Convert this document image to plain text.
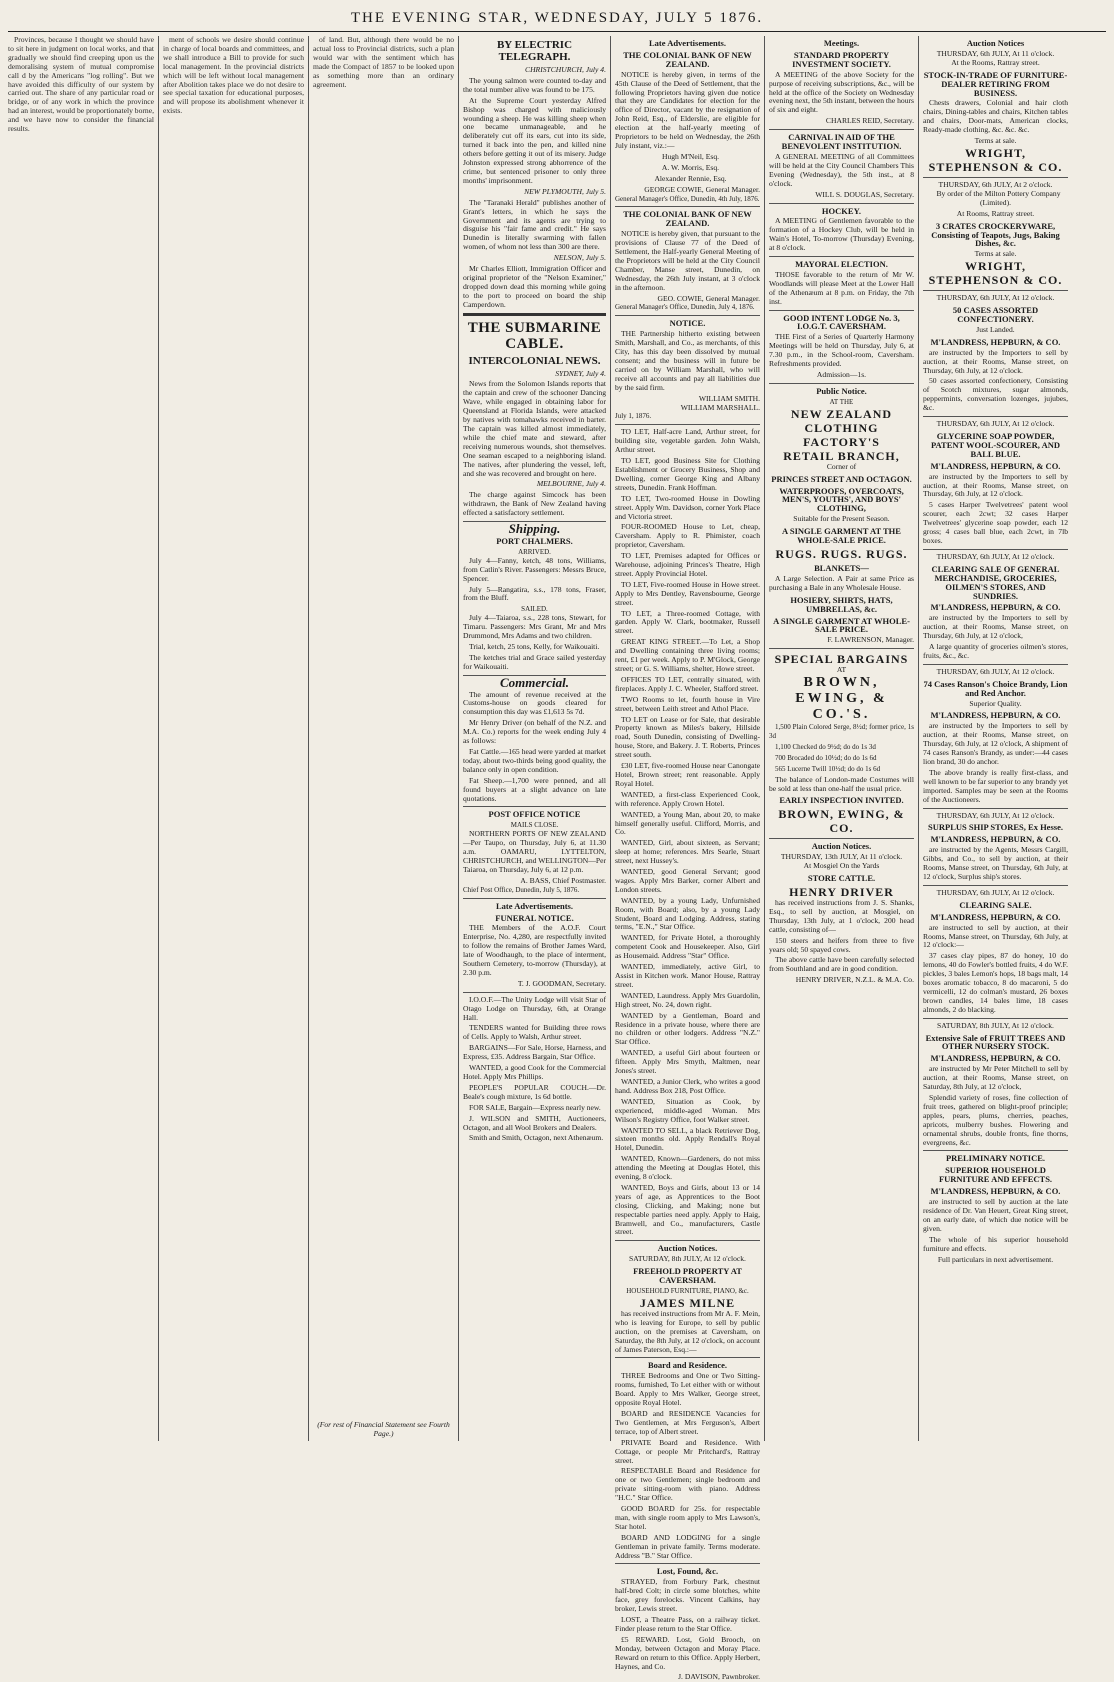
THE EVENING STAR, WEDNESDAY, JULY 5 1876.

Provinces, because I thought we should have to sit here in judgment on local works, and that gradually we should find creeping upon us the demoralising system of mutual compromise call d by the Americans "log rolling". But we have avoided this difficulty of our system by carried out. The share of any particular road or bridge, or of any work in which the province had an interest, would be proportionately borne, and we have now to consider the financial results.

ment of schools we desire should continue in charge of local boards and committees, and we shall introduce a Bill to provide for such local management. In the provincial districts which will be left without local management after Abolition takes place we do not desire to see special taxation for educational purposes, and will propose its abolishment whenever it exists.

of land. But, although there would be no actual loss to Provincial districts, such a plan would war with the sentiment which has made the Compact of 1857 to be looked upon as something more than an ordinary agreement.

(For rest of Financial Statement see Fourth Page.)
BY ELECTRIC TELEGRAPH.
CHRISTCHURCH, July 4.

The young salmon were counted to-day and the total number alive was found to be 175.

At the Supreme Court yesterday Alfred Bishop was charged with maliciously wounding a sheep. He was killing sheep when one became unmanageable, and he deliberately cut off its ears, cut into its side, turned it back into the pen, and killed nine others before getting it out of its misery. Judge Johnston expressed strong abhorrence of the crime, but sentenced prisoner to only three months' imprisonment.

NEW PLYMOUTH, July 5.

The "Taranaki Herald" publishes another of Grant's letters, in which he says the Government and its agents are trying to disguise his "fair fame and credit." He says Dunedin is literally swarming with fallen women, of whom not less than 300 are there.

NELSON, July 5.

Mr Charles Elliott, Immigration Officer and original proprietor of the "Nelson Examiner," dropped down dead this morning while going to the port to proceed on board the ship Camperdown.

THE SUBMARINE CABLE.
INTERCOLONIAL NEWS.
SYDNEY, July 4.

News from the Solomon Islands reports that the captain and crew of the schooner Dancing Wave, while engaged in obtaining labor for Queensland at Florida Islands, were attacked by natives with tomahawks received in barter. The captain was killed almost immediately, while the chief mate and steward, after receiving numerous wounds, shot themselves. One seaman escaped to a neighboring island. The natives, after plundering the vessel, left, and she was recovered and brought on here.

MELBOURNE, July 4.

The charge against Simcock has been withdrawn, the Bank of New Zealand having effected a satisfactory settlement.

Shipping.
PORT CHALMERS.
ARRIVED.

July 4—Fanny, ketch, 48 tons, Williams, from Catlin's River. Passengers: Messrs Bruce, Spencer.

July 5—Rangatira, s.s., 178 tons, Fraser, from the Bluff.

SAILED.

July 4—Taiaroa, s.s., 228 tons, Stewart, for Timaru. Passengers: Mrs Grant, Mr and Mrs Drummond, Mrs Adams and two children.

Trial, ketch, 25 tons, Kelly, for Waikouaiti.

The ketches trial and Grace sailed yesterday for Waikouaiti.

Commercial.

The amount of revenue received at the Customs-house on goods cleared for consumption this day was £1,613 5s 7d.

Mr Henry Driver (on behalf of the N.Z. and M.A. Co.) reports for the week ending July 4 as follows:

Fat Cattle.—165 head were yarded at market today, about two-thirds being good quality, the balance only in open condition.

Fat Sheep.—1,700 were penned, and all found buyers at a slight advance on late quotations.

POST OFFICE NOTICE
MAILS CLOSE.

NORTHERN PORTS OF NEW ZEALAND—Per Taupo, on Thursday, July 6, at 11.30 a.m. OAMARU, LYTTELTON, CHRISTCHURCH, and WELLINGTON—Per Taiaroa, on Thursday, July 6, at 12 p.m.

A. BASS, Chief Postmaster.
Chief Post Office, Dunedin, July 5, 1876.
Late Advertisements.
FUNERAL NOTICE.

THE Members of the A.O.F. Court Enterprise, No. 4,280, are respectfully invited to follow the remains of Brother James Ward, late of Woodhaugh, to the place of interment, Southern Cemetery, to-morrow (Thursday), at 2.30 p.m.

T. J. GOODMAN, Secretary.

I.O.O.F.—The Unity Lodge will visit Star of Otago Lodge on Thursday, 6th, at Orange Hall.

TENDERS wanted for Building three rows of Cells. Apply to Walsh, Arthur street.

BARGAINS—For Sale, Horse, Harness, and Express, £35. Address Bargain, Star Office.

WANTED, a good Cook for the Commercial Hotel. Apply Mrs Phillips.

PEOPLE'S POPULAR COUCH.—Dr. Beale's cough mixture, 1s 6d bottle.

FOR SALE, Bargain—Express nearly new.

J. WILSON and SMITH, Auctioneers, Octagon, and all Wool Brokers and Dealers.

Smith and Smith, Octagon, next Athenæum.

Late Advertisements.
THE COLONIAL BANK OF NEW ZEALAND.

NOTICE is hereby given, in terms of the 45th Clause of the Deed of Settlement, that the following Proprietors having given due notice that they are Candidates for election for the office of Director, vacant by the resignation of John Reid, Esq., of Elderslie, are eligible for election at the half-yearly meeting of Proprietors to be held on Wednesday, the 26th July instant, viz.:—

Hugh M'Neil, Esq.

A. W. Morris, Esq.

Alexander Rennie, Esq.

GEORGE COWIE, General Manager.
General Manager's Office, Dunedin, 4th July, 1876.
THE COLONIAL BANK OF NEW ZEALAND.

NOTICE is hereby given, that pursuant to the provisions of Clause 77 of the Deed of Settlement, the Half-yearly General Meeting of the Proprietors will be held at the City Council Chamber, Manse street, Dunedin, on Wednesday, the 26th July instant, at 3 o'clock in the afternoon.

GEO. COWIE, General Manager.
General Manager's Office, Dunedin, July 4, 1876.
NOTICE.

THE Partnership hitherto existing between Smith, Marshall, and Co., as merchants, of this City, has this day been dissolved by mutual consent; and the business will in future be carried on by William Marshall, who will receive all accounts and pay all liabilities due by the said firm.

WILLIAM SMITH.
WILLIAM MARSHALL.
July 1, 1876.

TO LET, Half-acre Land, Arthur street, for building site, vegetable garden. John Walsh, Arthur street.

TO LET, good Business Site for Clothing Establishment or Grocery Business, Shop and Dwelling, corner George King and Albany streets, Dunedin. Frank Hoffman.

TO LET, Two-roomed House in Dowling street. Apply Wm. Davidson, corner York Place and Victoria street.

FOUR-ROOMED House to Let, cheap, Caversham. Apply to R. Phimister, coach proprietor, Caversham.

TO LET, Premises adapted for Offices or Warehouse, adjoining Princes's Theatre, High street. Apply Provincial Hotel.

TO LET, Five-roomed House in Howe street. Apply to Mrs Dentley, Ravensbourne, George street.

TO LET, a Three-roomed Cottage, with garden. Apply W. Clark, bootmaker, Russell street.

GREAT KING STREET.—To Let, a Shop and Dwelling containing three living rooms; rent, £1 per week. Apply to P. M'Glock, George street; or G. S. Williams, shelter, Howe street.

OFFICES TO LET, centrally situated, with fireplaces. Apply J. C. Wheeler, Stafford street.

TWO Rooms to let, fourth house in Vire street, between Leith street and Athol Place.

TO LET on Lease or for Sale, that desirable Property known as Miles's bakery, Hillside road, South Dunedin, consisting of Dwelling-house, Store, and Bakery. J. T. Roberts, Princes street south.

£30 LET, five-roomed House near Canongate Hotel, Brown street; rent reasonable. Apply Royal Hotel.

WANTED, a first-class Experienced Cook, with reference. Apply Crown Hotel.

WANTED, a Young Man, about 20, to make himself generally useful. Clifford, Morris, and Co.

WANTED, Girl, about sixteen, as Servant; sleep at home; references. Mrs Searle, Stuart street, next Hussey's.

WANTED, good General Servant; good wages. Apply Mrs Barker, corner Albert and London streets.

WANTED, by a young Lady, Unfurnished Room, with Board; also, by a young Lady Student, Board and Lodging. Address, stating terms, "E.N.," Star Office.

WANTED, for Private Hotel, a thoroughly competent Cook and Housekeeper. Also, Girl as Housemaid. Address "Star" Office.

WANTED, immediately, active Girl, to Assist in Kitchen work. Manor House, Rattray street.

WANTED, Laundress. Apply Mrs Guardolin, High street, No. 24, down right.

WANTED by a Gentleman, Board and Residence in a private house, where there are no children or other lodgers. Address "N.Z." Star Office.

WANTED, a useful Girl about fourteen or fifteen. Apply Mrs Smyth, Maltmen, near Jones's street.

WANTED, a Junior Clerk, who writes a good hand. Address Box 218, Post Office.

WANTED, Situation as Cook, by experienced, middle-aged Woman. Mrs Wilson's Registry Office, foot Walker street.

WANTED TO SELL, a black Retriever Dog, sixteen months old. Apply Rendall's Royal Hotel, Dunedin.

WANTED, Known—Gardeners, do not miss attending the Meeting at Douglas Hotel, this evening, 8 o'clock.

WANTED, Boys and Girls, about 13 or 14 years of age, as Apprentices to the Boot closing, Clicking, and Making; none but respectable parties need apply. Apply to Haig, Bramwell, and Co., manufacturers, Castle street.

Auction Notices.
SATURDAY, 8th JULY, At 12 o'clock.
FREEHOLD PROPERTY AT CAVERSHAM.
HOUSEHOLD FURNITURE, PIANO, &c.
JAMES MILNE

has received instructions from Mr A. F. Mein, who is leaving for Europe, to sell by public auction, on the premises at Caversham, on Saturday, the 8th July, at 12 o'clock, on account of James Paterson, Esq.:—

Board and Residence.

THREE Bedrooms and One or Two Sitting-rooms, furnished, To Let either with or without Board. Apply to Mrs Walker, George street, opposite Royal Hotel.

BOARD and RESIDENCE Vacancies for Two Gentlemen, at Mrs Ferguson's, Albert terrace, top of Albert street.

PRIVATE Board and Residence. With Cottage, or people Mr Pritchard's, Rattray street.

RESPECTABLE Board and Residence for one or two Gentlemen; single bedroom and private sitting-room with piano. Address "H.C." Star Office.

GOOD BOARD for 25s. for respectable man, with single room apply to Mrs Lawson's, Star hotel.

BOARD AND LODGING for a single Gentleman in private family. Terms moderate. Address "B." Star Office.

Lost, Found, &c.

STRAYED, from Forbury Park, chestnut half-bred Colt; in circle some blotches, white face, grey forelocks. Vincent Calkins, hay broker, Lewis street.

LOST, a Theatre Pass, on a railway ticket. Finder please return to the Star Office.

£5 REWARD. Lost, Gold Brooch, on Monday, between Octagon and Moray Place. Reward on return to this Office. Apply Herbert, Haynes, and Co.

J. DAVISON, Pawnbroker.
Meetings.
STANDARD PROPERTY INVESTMENT SOCIETY.

A MEETING of the above Society for the purpose of receiving subscriptions, &c., will be held at the office of the Society on Wednesday evening next, the 5th instant, between the hours of six and eight.

CHARLES REID, Secretary.
CARNIVAL IN AID OF THE BENEVOLENT INSTITUTION.

A GENERAL MEETING of all Committees will be held at the City Council Chambers This Evening (Wednesday), the 5th inst., at 8 o'clock.

WILL S. DOUGLAS, Secretary.
HOCKEY.

A MEETING of Gentlemen favorable to the formation of a Hockey Club, will be held in Wain's Hotel, To-morrow (Thursday) Evening, at 8 o'clock.

MAYORAL ELECTION.

THOSE favorable to the return of Mr W. Woodlands will please Meet at the Lower Hall of the Athenæum at 8 p.m. on Friday, the 7th inst.

GOOD INTENT LODGE No. 3, I.O.G.T. CAVERSHAM.

THE First of a Series of Quarterly Harmony Meetings will be held on Thursday, July 6, at 7.30 p.m., in the School-room, Caversham. Refreshments provided.

Admission—1s.
Public Notice.
AT THE
NEW ZEALAND CLOTHING
FACTORY'S
RETAIL BRANCH,
Corner of
PRINCES STREET AND OCTAGON.
WATERPROOFS, OVERCOATS, MEN'S, YOUTHS', AND BOYS' CLOTHING,
Suitable for the Present Season.
A SINGLE GARMENT AT THE WHOLE-SALE PRICE.
RUGS. RUGS. RUGS.
BLANKETS—

A Large Selection. A Pair at same Price as purchasing a Bale in any Wholesale House.

HOSIERY, SHIRTS, HATS, UMBRELLAS, &c.
A SINGLE GARMENT AT WHOLE-SALE PRICE.
F. LAWRENSON, Manager.
SPECIAL BARGAINS
AT
BROWN, EWING, & CO.'S.

1,500 Plain Colored Serge, 8½d; former price, 1s 3d

1,100 Checked do 9½d; do do 1s 3d

700 Brocaded do 10½d; do do 1s 6d

565 Lucerne Twill 10½d; do do 1s 6d

The balance of London-made Costumes will be sold at less than one-half the usual price.

EARLY INSPECTION INVITED.
BROWN, EWING, & CO.
Auction Notices.
THURSDAY, 13th JULY, At 11 o'clock.
At Mosgiel On the Yards
STORE CATTLE.
HENRY DRIVER

has received instructions from J. S. Shanks, Esq., to sell by auction, at Mosgiel, on Thursday, 13th July, at 1 o'clock, 200 head cattle, consisting of—

150 steers and heifers from three to five years old; 50 spayed cows.

The above cattle have been carefully selected from Southland and are in good condition.

HENRY DRIVER, N.Z.L. & M.A. Co.
Auction Notices
THURSDAY, 6th JULY, At 11 o'clock.
At the Rooms, Rattray street.
STOCK-IN-TRADE OF FURNITURE-DEALER RETIRING FROM BUSINESS.

Chests drawers, Colonial and hair cloth chairs, Dining-tables and chairs, Kitchen tables and chairs, Door-mats, American clocks, Ready-made clothing, &c. &c. &c.

Terms at sale.
WRIGHT, STEPHENSON & CO.
THURSDAY, 6th JULY, At 2 o'clock.

By order of the Milton Pottery Company (Limited).

At Rooms, Rattray street.
3 CRATES CROCKERYWARE, Consisting of Teapots, Jugs, Baking Dishes, &c.
Terms at sale.
WRIGHT, STEPHENSON & CO.
THURSDAY, 6th JULY, At 12 o'clock.
50 CASES ASSORTED CONFECTIONERY.
Just Landed.
M'LANDRESS, HEPBURN, & CO.

are instructed by the Importers to sell by auction, at their Rooms, Manse street, on Thursday, 6th July, at 12 o'clock.

50 cases assorted confectionery, Consisting of Scotch mixtures, sugar almonds, peppermints, conversation lozenges, jujubes, &c.

THURSDAY, 6th JULY, At 12 o'clock.
GLYCERINE SOAP POWDER, PATENT WOOL-SCOURER, AND BALL BLUE.
M'LANDRESS, HEPBURN, & CO.

are instructed by the Importers to sell by auction, at their Rooms, Manse street, on Thursday, 6th July, at 12 o'clock.

5 cases Harper Twelvetrees' patent wool scourer, each 2cwt; 32 cases Harper Twelvetrees' glycerine soap powder, each 12 gross; 4 cases ball blue, each 2cwt, in 7lb boxes.

THURSDAY, 6th JULY, At 12 o'clock.
CLEARING SALE OF GENERAL MERCHANDISE, GROCERIES, OILMEN'S STORES, AND SUNDRIES.
M'LANDRESS, HEPBURN, & CO.

are instructed by the Importers to sell by auction, at their Rooms, Manse street, on Thursday, 6th July, at 12 o'clock,

A large quantity of groceries oilmen's stores, fruits, &c., &c.

THURSDAY, 6th JULY, At 12 o'clock.
74 Cases Ranson's Choice Brandy, Lion and Red Anchor.
Superior Quality.
M'LANDRESS, HEPBURN, & CO.

are instructed by the Importers to sell by auction, at their Rooms, Manse street, on Thursday, 6th July, at 12 o'clock, A shipment of 74 cases Ranson's Brandy, as under:—44 cases lion brand, 30 do anchor.

The above brandy is really first-class, and well known to be far superior to any brandy yet imported. Samples may be seen at the Rooms of the Auctioneers.

THURSDAY, 6th JULY, At 12 o'clock.
SURPLUS SHIP STORES, Ex Hesse.
M'LANDRESS, HEPBURN, & CO.

are instructed by the Agents, Messrs Cargill, Gibbs, and Co., to sell by auction, at their Rooms, Manse street, on Thursday, 6th July, at 12 o'clock, Surplus ship's stores.

THURSDAY, 6th JULY, At 12 o'clock.
CLEARING SALE.
M'LANDRESS, HEPBURN, & CO.

are instructed to sell by auction, at their Rooms, Manse street, on Thursday, 6th July, at 12 o'clock:—

37 cases clay pipes, 87 do honey, 10 do lemons, 40 do Fowler's bottled fruits, 4 do W.F. pickles, 3 bales Lemon's hops, 18 bags malt, 14 boxes aromatic tobacco, 8 do macaroni, 5 do vermicelli, 12 do colman's mustard, 26 boxes brown candles, 14 bales lime, 18 cases almonds, 2 do blacking.

SATURDAY, 8th JULY, At 12 o'clock.
Extensive Sale of FRUIT TREES AND OTHER NURSERY STOCK.
M'LANDRESS, HEPBURN, & CO.

are instructed by Mr Peter Mitchell to sell by auction, at their Rooms, Manse street, on Saturday, 8th July, at 12 o'clock,

Splendid variety of roses, fine collection of fruit trees, gathered on blight-proof principle; apples, pears, plums, cherries, peaches, apricots, mulberry bushes. Flowering and ornamental shrubs, double fronts, fine thorns, evergreens, &c.

PRELIMINARY NOTICE.
SUPERIOR HOUSEHOLD FURNITURE AND EFFECTS.
M'LANDRESS, HEPBURN, & CO.

are instructed to sell by auction at the late residence of Dr. Van Heuert, Great King street, on an early date, of which due notice will be given.

The whole of his superior household furniture and effects.

Full particulars in next advertisement.
